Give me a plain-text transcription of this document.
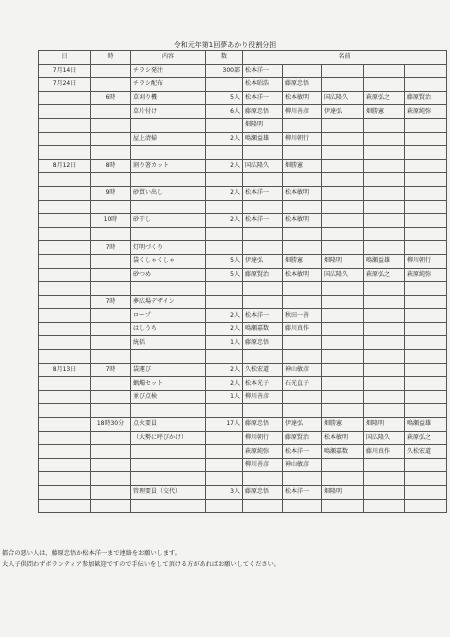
令和元年第1回夢あかり役割分担
日	時	内容	数	名前				
7月14日		チラシ発注	300部	松本洋一				
7月24日		チラシ配布		松本昭浩	藤原忠悟			
	6時	草刈り機	5人	松本洋一	松本敏明	国広隆久	萩原弘之	藤原賢治
		草片付け	6人	藤原忠悟	柳川善彦	伊達弘	畑勝憲	萩原純弥
				畑隆明				
		屋上清掃	2人	鳴瀬益雄	柳川朝行			

8月12日	8時	割り箸カット	2人	国広隆久	畑勝憲			

	9時	砂買い出し	2人	松本洋一	松本敏明			

	10時	砂干し	2人	松本洋一	松本敏明			

	7時	灯明づくり						
		袋くしゃくしゃ	5人	伊達弘	畑勝憲	畑隆明	鳴瀬益雄	柳川朝行
		砂つめ	5人	藤原賢治	松本敏明	国広隆久	萩原弘之	萩原純弥

	7時	夢広場デザイン						
		ロープ	2人	松本洋一	秋田一善			
		はしうち	2人	鳴瀬嘉数	藤川真作			
		統括	1人	藤原忠悟				

8月13日	7時	袋運び	2人	久松宏道	神山敏彦			
		蝋燭セット	2人	松本光子	石光直子			
		並び点検	1人	柳川善彦				

	18時30分	点火要員	17人	藤原忠悟	伊達弘	畑勝憲	畑隆明	鳴瀬益雄
		（大勢に呼びかけ）		柳川朝行	藤原賢治	松本敏明	国広隆久	萩原弘之
				萩原純弥	松本洋一	鳴瀬嘉数	藤川真作	久松宏道
				柳川善彦	神山敏彦			

		管理要員（交代）	3人	藤原忠悟	松本洋一	畑隆明		

都合の悪い人は、藤原忠悟か松本洋一まで連絡をお願いします。
大人子供問わずボランティア参加歓迎ですので手伝いをして頂ける方があればお願いしてください。
